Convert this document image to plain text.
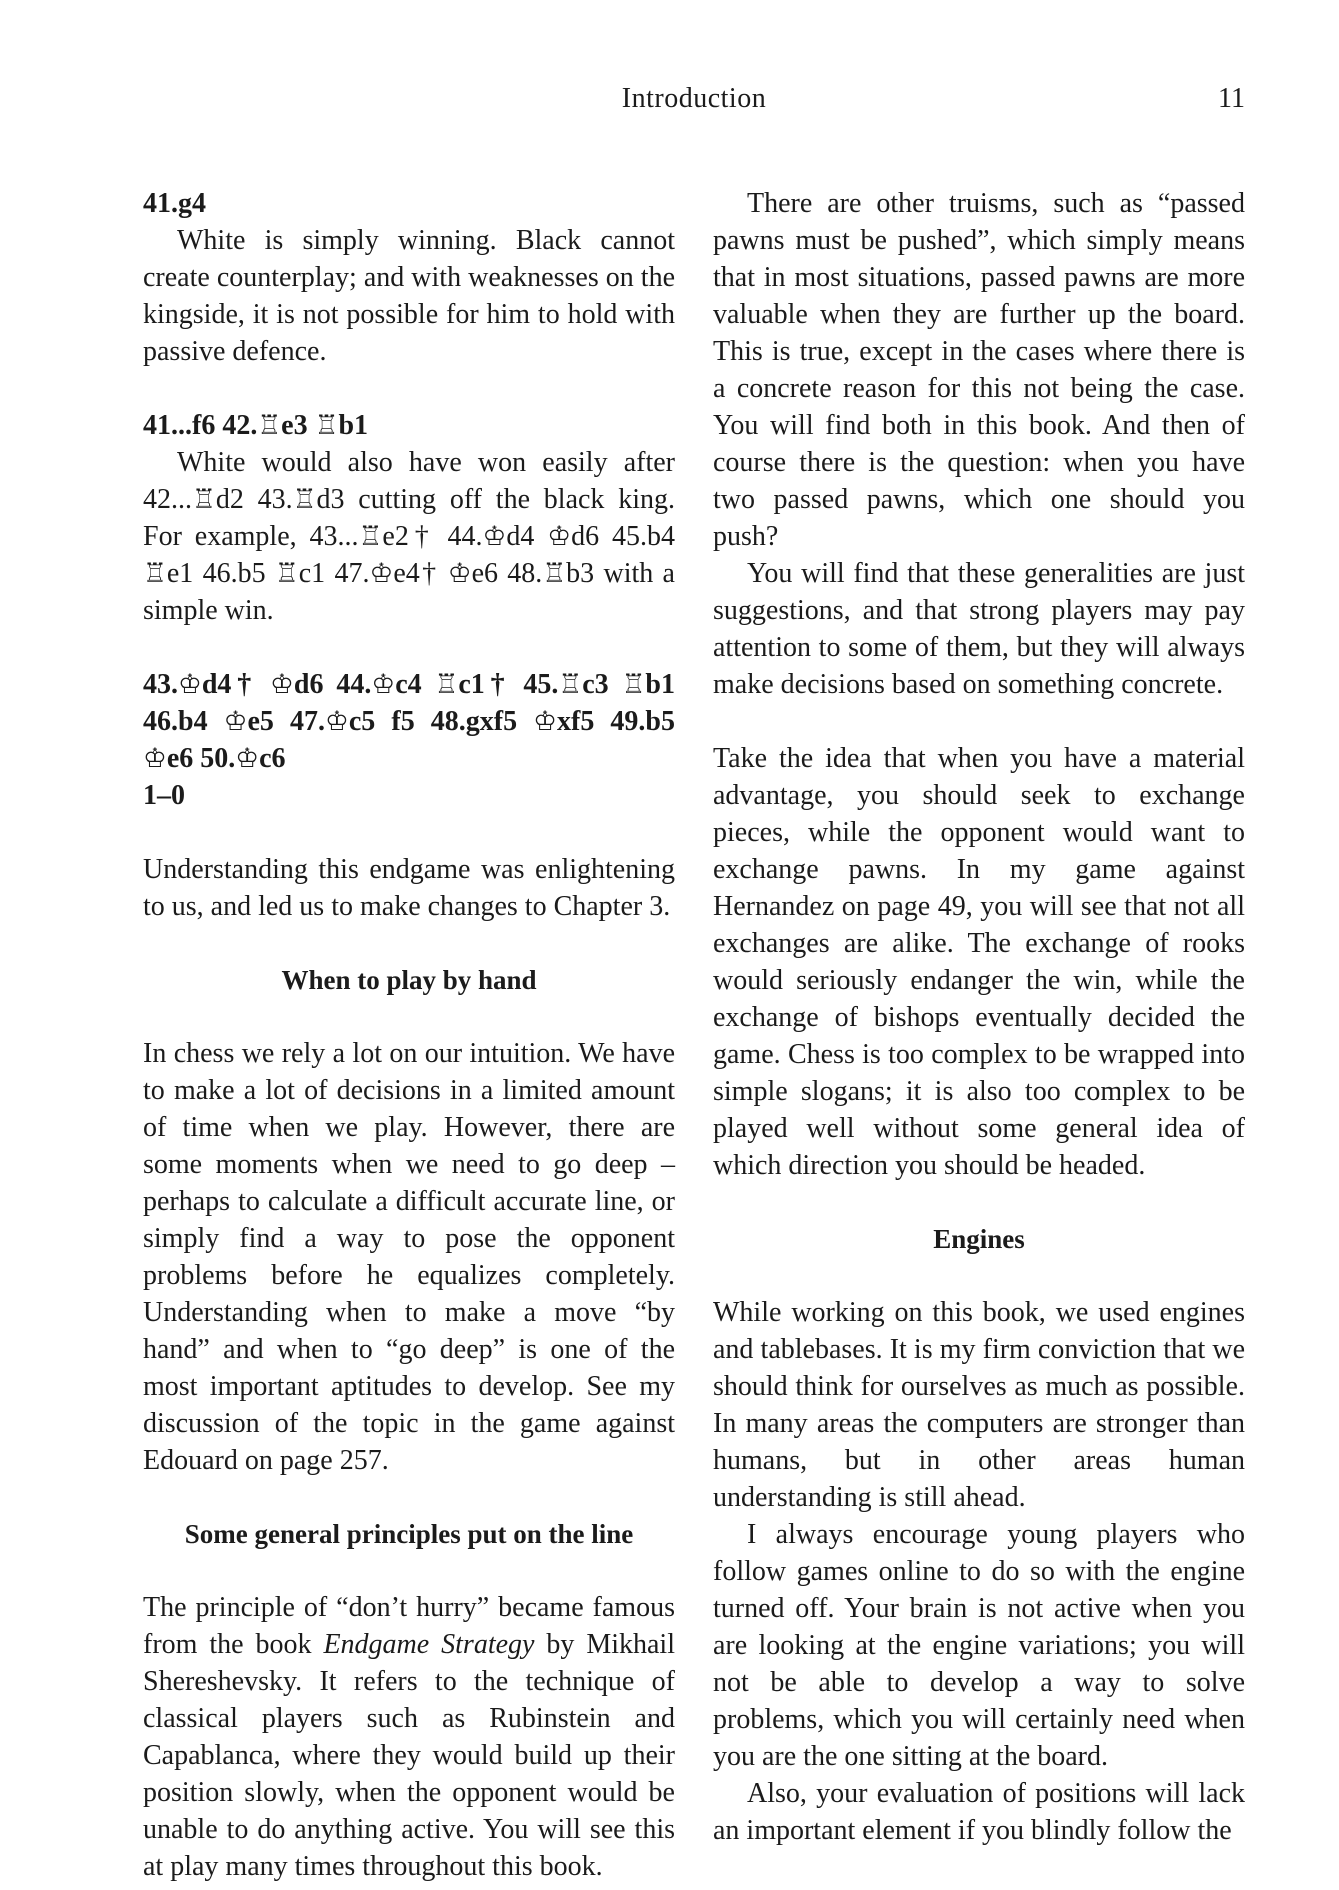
Introduction	11
41.g4

White is simply winning. Black cannot create counterplay; and with weaknesses on the kingside, it is not possible for him to hold with passive defence.

41...f6 42.♖e3 ♖b1

White would also have won easily after 42...♖d2 43.♖d3 cutting off the black king. For example, 43...♖e2† 44.♔d4 ♔d6 45.b4 ♖e1 46.b5 ♖c1 47.♔e4† ♔e6 48.♖b3 with a simple win.

43.♔d4† ♔d6 44.♔c4 ♖c1† 45.♖c3 ♖b1 46.b4 ♔e5 47.♔c5 f5 48.gxf5 ♔xf5 49.b5 ♔e6 50.♔c6
1–0

Understanding this endgame was enlightening to us, and led us to make changes to Chapter 3.

When to play by hand

In chess we rely a lot on our intuition. We have to make a lot of decisions in a limited amount of time when we play. However, there are some moments when we need to go deep – perhaps to calculate a difficult accurate line, or simply find a way to pose the opponent problems before he equalizes completely. Understanding when to make a move “by hand” and when to “go deep” is one of the most important aptitudes to develop. See my discussion of the topic in the game against Edouard on page 257.

Some general principles put on the line

The principle of “don’t hurry” became famous from the book Endgame Strategy by Mikhail Shereshevsky. It refers to the technique of classical players such as Rubinstein and Capablanca, where they would build up their position slowly, when the opponent would be unable to do anything active. You will see this at play many times throughout this book.

There are other truisms, such as “passed pawns must be pushed”, which simply means that in most situations, passed pawns are more valuable when they are further up the board. This is true, except in the cases where there is a concrete reason for this not being the case. You will find both in this book. And then of course there is the question: when you have two passed pawns, which one should you push?

You will find that these generalities are just suggestions, and that strong players may pay attention to some of them, but they will always make decisions based on something concrete.

Take the idea that when you have a material advantage, you should seek to exchange pieces, while the opponent would want to exchange pawns. In my game against Hernandez on page 49, you will see that not all exchanges are alike. The exchange of rooks would seriously endanger the win, while the exchange of bishops eventually decided the game. Chess is too complex to be wrapped into simple slogans; it is also too complex to be played well without some general idea of which direction you should be headed.

Engines

While working on this book, we used engines and tablebases. It is my firm conviction that we should think for ourselves as much as possible. In many areas the computers are stronger than humans, but in other areas human understanding is still ahead.

I always encourage young players who follow games online to do so with the engine turned off. Your brain is not active when you are looking at the engine variations; you will not be able to develop a way to solve problems, which you will certainly need when you are the one sitting at the board.

Also, your evaluation of positions will lack an important element if you blindly follow the
